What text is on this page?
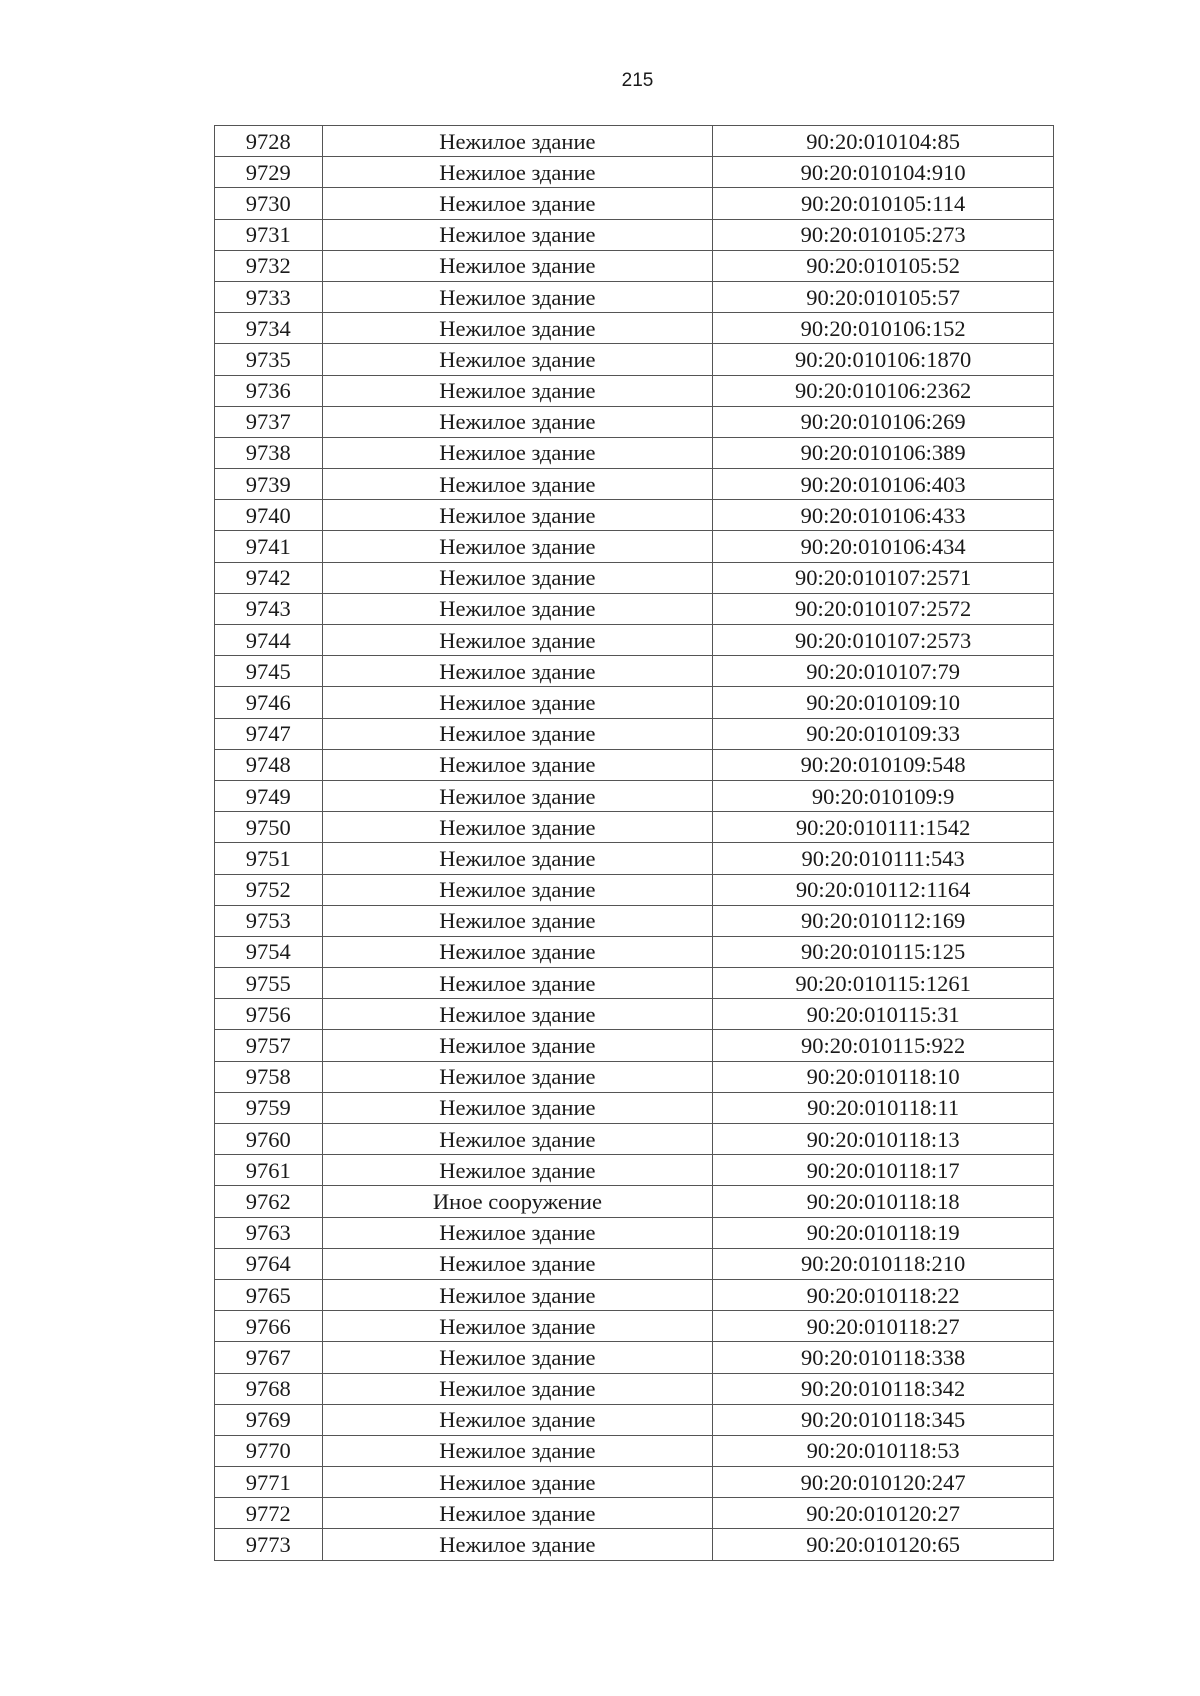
215
9728	Нежилое здание	90:20:010104:85
9729	Нежилое здание	90:20:010104:910
9730	Нежилое здание	90:20:010105:114
9731	Нежилое здание	90:20:010105:273
9732	Нежилое здание	90:20:010105:52
9733	Нежилое здание	90:20:010105:57
9734	Нежилое здание	90:20:010106:152
9735	Нежилое здание	90:20:010106:1870
9736	Нежилое здание	90:20:010106:2362
9737	Нежилое здание	90:20:010106:269
9738	Нежилое здание	90:20:010106:389
9739	Нежилое здание	90:20:010106:403
9740	Нежилое здание	90:20:010106:433
9741	Нежилое здание	90:20:010106:434
9742	Нежилое здание	90:20:010107:2571
9743	Нежилое здание	90:20:010107:2572
9744	Нежилое здание	90:20:010107:2573
9745	Нежилое здание	90:20:010107:79
9746	Нежилое здание	90:20:010109:10
9747	Нежилое здание	90:20:010109:33
9748	Нежилое здание	90:20:010109:548
9749	Нежилое здание	90:20:010109:9
9750	Нежилое здание	90:20:010111:1542
9751	Нежилое здание	90:20:010111:543
9752	Нежилое здание	90:20:010112:1164
9753	Нежилое здание	90:20:010112:169
9754	Нежилое здание	90:20:010115:125
9755	Нежилое здание	90:20:010115:1261
9756	Нежилое здание	90:20:010115:31
9757	Нежилое здание	90:20:010115:922
9758	Нежилое здание	90:20:010118:10
9759	Нежилое здание	90:20:010118:11
9760	Нежилое здание	90:20:010118:13
9761	Нежилое здание	90:20:010118:17
9762	Иное сооружение	90:20:010118:18
9763	Нежилое здание	90:20:010118:19
9764	Нежилое здание	90:20:010118:210
9765	Нежилое здание	90:20:010118:22
9766	Нежилое здание	90:20:010118:27
9767	Нежилое здание	90:20:010118:338
9768	Нежилое здание	90:20:010118:342
9769	Нежилое здание	90:20:010118:345
9770	Нежилое здание	90:20:010118:53
9771	Нежилое здание	90:20:010120:247
9772	Нежилое здание	90:20:010120:27
9773	Нежилое здание	90:20:010120:65
